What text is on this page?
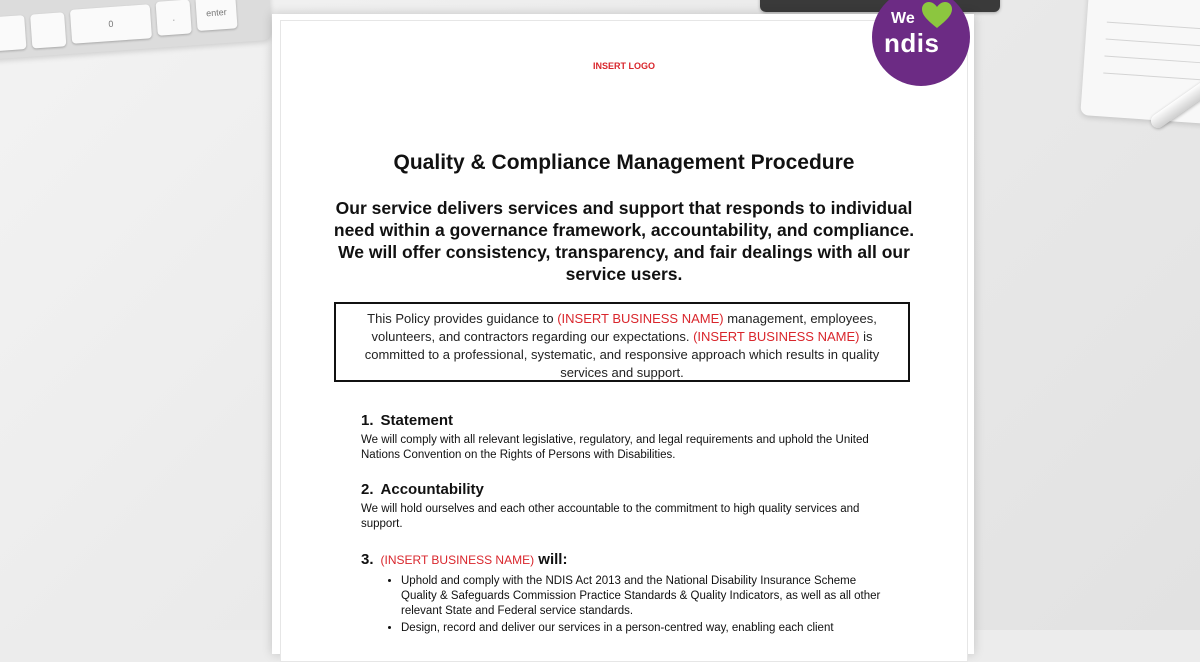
0
.	enter
INSERT LOGO
Quality & Compliance Management Procedure
Our service delivers services and support that responds to individual need within a governance framework, accountability, and compliance. We will offer consistency, transparency, and fair dealings with all our service users.
This Policy provides guidance to (INSERT BUSINESS NAME) management, employees, volunteers, and contractors regarding our expectations. (INSERT BUSINESS NAME) is committed to a professional, systematic, and responsive approach which results in quality services and support.
1. Statement

We will comply with all relevant legislative, regulatory, and legal requirements and uphold the United Nations Convention on the Rights of Persons with Disabilities.

2. Accountability

We will hold ourselves and each other accountable to the commitment to high quality services and support.

3. (INSERT BUSINESS NAME) will:
• Uphold and comply with the NDIS Act 2013 and the National Disability Insurance Scheme Quality & Safeguards Commission Practice Standards & Quality Indicators, as well as all other relevant State and Federal service standards.
• Design, record and deliver our services in a person-centred way, enabling each client
We
ndis
